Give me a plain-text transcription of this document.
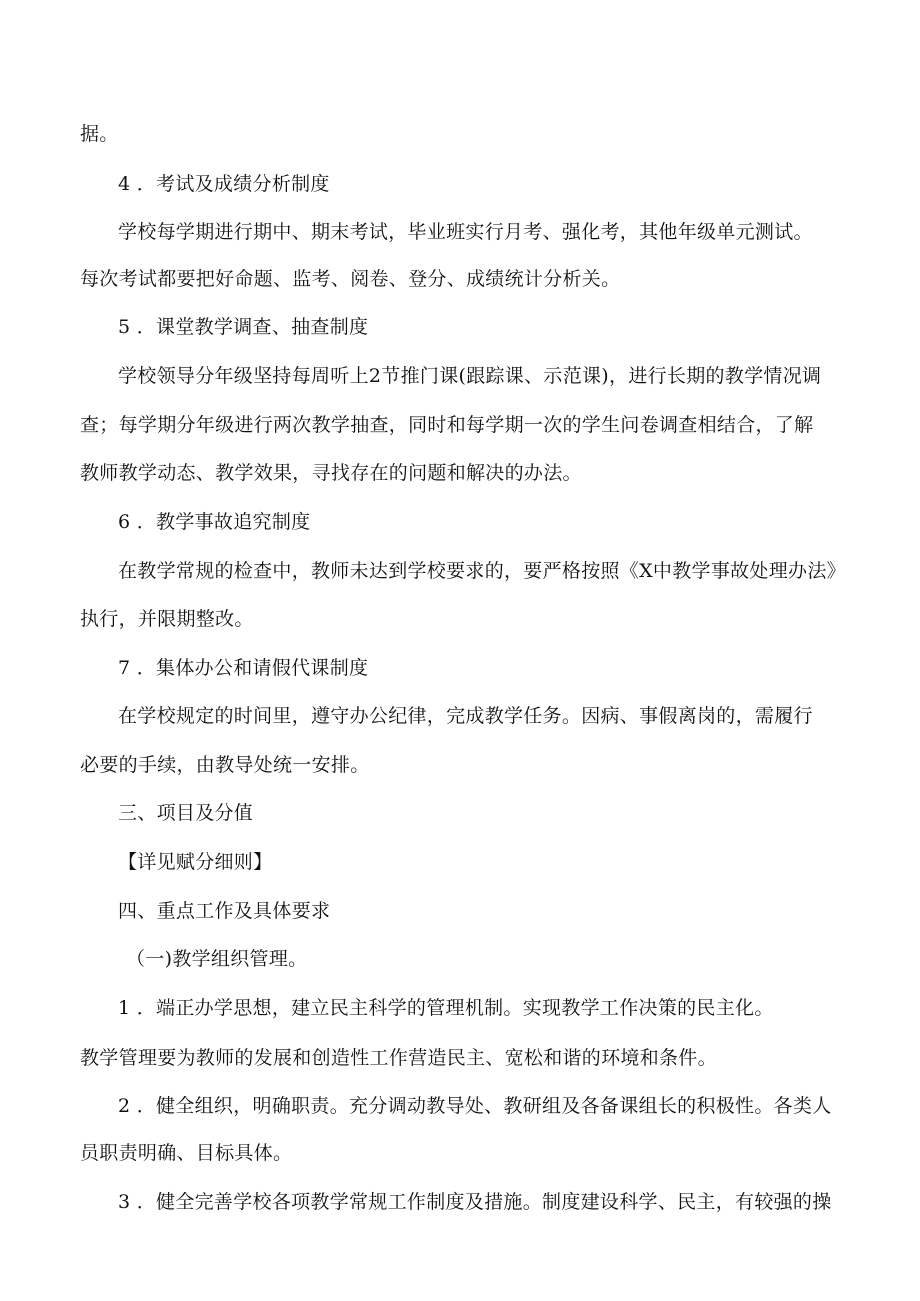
据。
4 ．考试及成绩分析制度
学校每学期进行期中、期末考试，毕业班实行月考、强化考，其他年级单元测试。
每次考试都要把好命题、监考、阅卷、登分、成绩统计分析关。
5 ．课堂教学调查、抽查制度
学校领导分年级坚持每周听上2节推门课(跟踪课、示范课)，进行长期的教学情况调
查；每学期分年级进行两次教学抽查，同时和每学期一次的学生问卷调查相结合，了解
教师教学动态、教学效果，寻找存在的问题和解决的办法。
6 ．教学事故追究制度
在教学常规的检查中，教师未达到学校要求的，要严格按照《X中教学事故处理办法》
执行，并限期整改。
7 ．集体办公和请假代课制度
在学校规定的时间里，遵守办公纪律，完成教学任务。因病、事假离岗的，需履行
必要的手续，由教导处统一安排。
三、项目及分值
【详见赋分细则】
四、重点工作及具体要求
（一)教学组织管理。
1 ．端正办学思想，建立民主科学的管理机制。实现教学工作决策的民主化。
教学管理要为教师的发展和创造性工作营造民主、宽松和谐的环境和条件。
2 ．健全组织，明确职责。充分调动教导处、教研组及各备课组长的积极性。各类人
员职责明确、目标具体。
3 ．健全完善学校各项教学常规工作制度及措施。制度建设科学、民主，有较强的操
